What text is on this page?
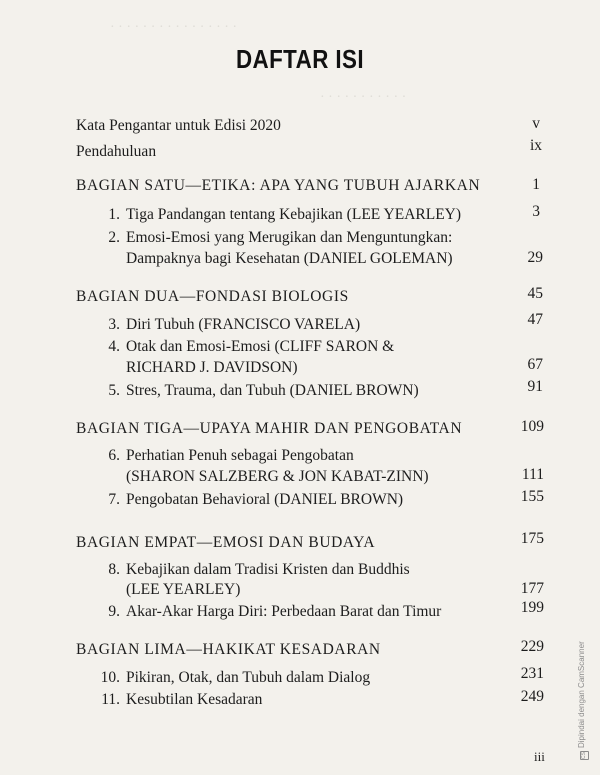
· · · · · · · · · · · · · · · ·
· · · · · · · · · · ·
DAFTAR ISI
Kata Pengantar untuk Edisi 2020	v
Pendahuluan	ix
BAGIAN SATU—ETIKA: APA YANG TUBUH AJARKAN	1
1. Tiga Pandangan tentang Kebajikan (LEE YEARLEY)	3
2. Emosi-Emosi yang Merugikan dan Menguntungkan:
Dampaknya bagi Kesehatan (DANIEL GOLEMAN)	29
BAGIAN DUA—FONDASI BIOLOGIS	45
3. Diri Tubuh (FRANCISCO VARELA)	47
4. Otak dan Emosi-Emosi (CLIFF SARON &
RICHARD J. DAVIDSON)	67
5. Stres, Trauma, dan Tubuh (DANIEL BROWN)	91
BAGIAN TIGA—UPAYA MAHIR DAN PENGOBATAN	109
6. Perhatian Penuh sebagai Pengobatan
(SHARON SALZBERG & JON KABAT-ZINN)	111
7. Pengobatan Behavioral (DANIEL BROWN)	155
BAGIAN EMPAT—EMOSI DAN BUDAYA	175
8. Kebajikan dalam Tradisi Kristen dan Buddhis
(LEE YEARLEY)	177
9. Akar-Akar Harga Diri: Perbedaan Barat dan Timur	199
BAGIAN LIMA—HAKIKAT KESADARAN	229
10. Pikiran, Otak, dan Tubuh dalam Dialog	231
11. Kesubtilan Kesadaran	249
iii	CSDipindai dengan CamScanner
